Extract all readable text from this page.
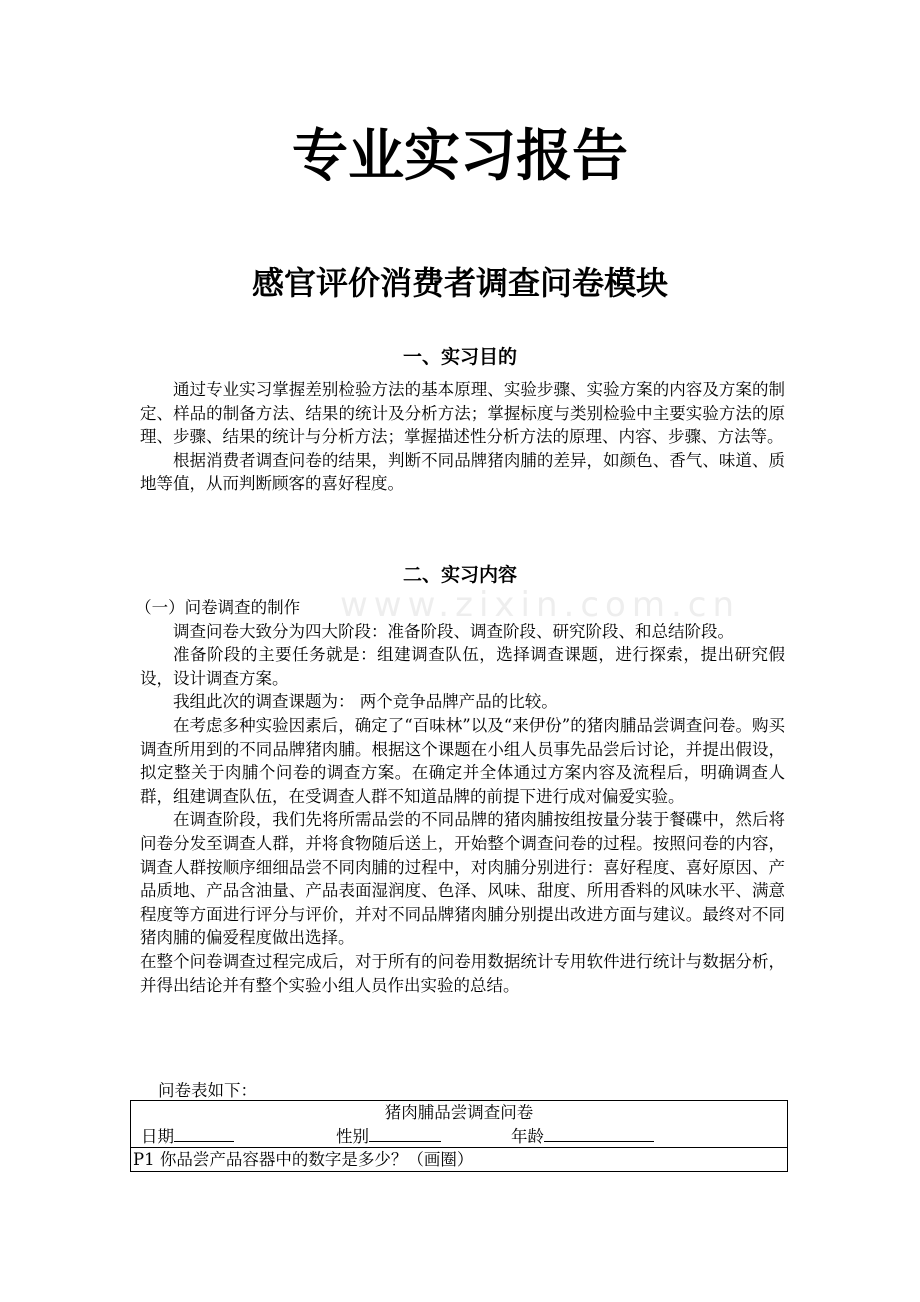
www.zixin.com.cn
专业实习报告
感官评价消费者调查问卷模块
一、实习目的

通过专业实习掌握差别检验方法的基本原理、实验步骤、实验方案的内容及方案的制定、样品的制备方法、结果的统计及分析方法；掌握标度与类别检验中主要实验方法的原理、步骤、结果的统计与分析方法；掌握描述性分析方法的原理、内容、步骤、方法等。

根据消费者调查问卷的结果，判断不同品牌猪肉脯的差异，如颜色、香气、味道、质地等值，从而判断顾客的喜好程度。

二、实习内容

（一）问卷调查的制作

调查问卷大致分为四大阶段：准备阶段、调查阶段、研究阶段、和总结阶段。

准备阶段的主要任务就是：组建调查队伍，选择调查课题，进行探索，提出研究假设，设计调查方案。

我组此次的调查课题为： 两个竞争品牌产品的比较。

在考虑多种实验因素后，确定了“百味林”以及“来伊份”的猪肉脯品尝调查问卷。购买调查所用到的不同品牌猪肉脯。根据这个课题在小组人员事先品尝后讨论，并提出假设，拟定整关于肉脯个问卷的调查方案。在确定并全体通过方案内容及流程后，明确调查人群，组建调查队伍，在受调查人群不知道品牌的前提下进行成对偏爱实验。

在调查阶段，我们先将所需品尝的不同品牌的猪肉脯按组按量分装于餐碟中，然后将问卷分发至调查人群，并将食物随后送上，开始整个调查问卷的过程。按照问卷的内容，调查人群按顺序细细品尝不同肉脯的过程中，对肉脯分别进行：喜好程度、喜好原因、产品质地、产品含油量、产品表面湿润度、色泽、风味、甜度、所用香料的风味水平、满意程度等方面进行评分与评价，并对不同品牌猪肉脯分别提出改进方面与建议。最终对不同猪肉脯的偏爱程度做出选择。

在整个问卷调查过程完成后，对于所有的问卷用数据统计专用软件进行统计与数据分析，并得出结论并有整个实验小组人员作出实验的总结。

问卷表如下：
猪肉脯品尝调查问卷
日期	性别	年龄
P1 你品尝产品容器中的数字是多少？（画圈）
